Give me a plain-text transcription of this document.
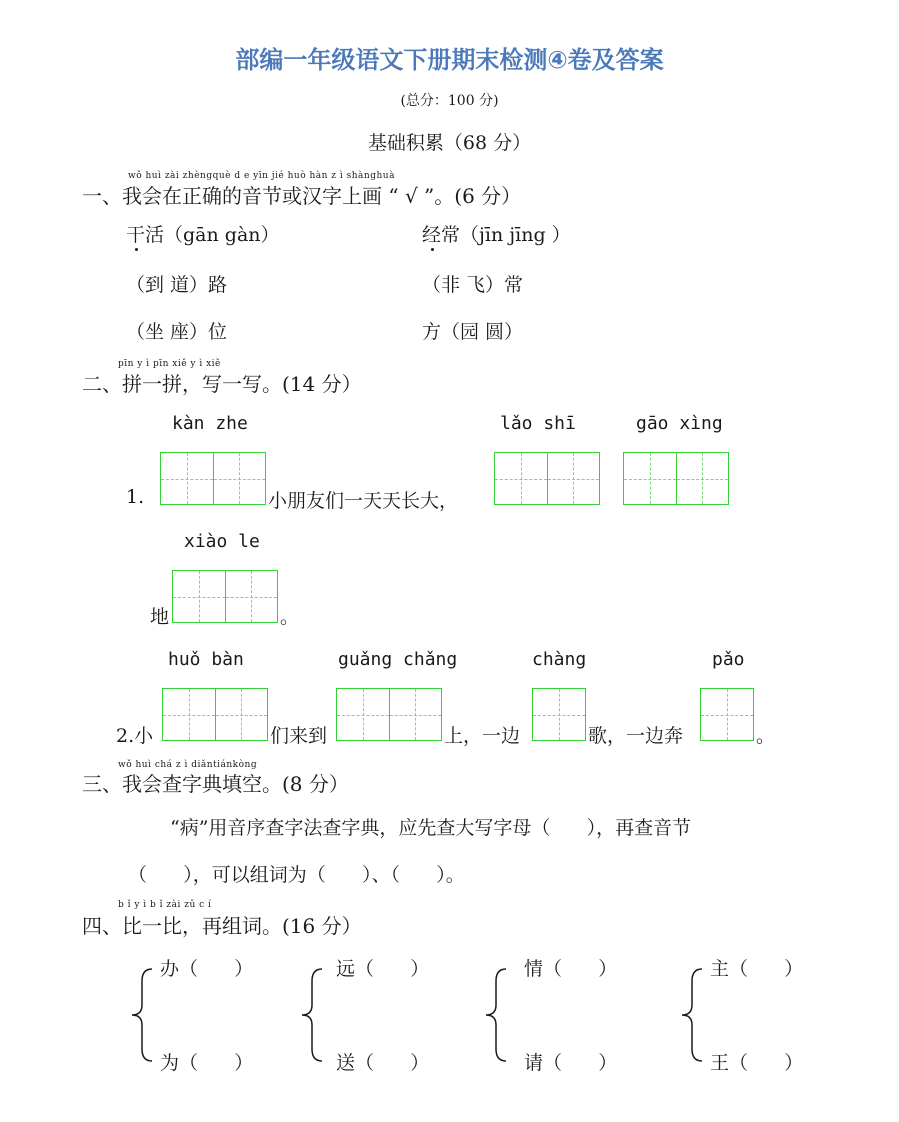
部编一年级语文下册期末检测④卷及答案
(总分：100 分)
基础积累（68 分）
wǒ huì zài zhèngquè d e yīn jié huò hàn z ì shànghuà
一、我会在正确的音节或汉字上画 “ √ ”。(6 分）
干活（gān gàn）	经常（jīn jīng ）
（到 道）路	（非 飞）常
（坐 座）位	方（园 圆）
pīn y ì pīn xiě y ì xiě
二、拼一拼，写一写。(14 分）
kàn zhe	lǎo shī	gāo xìng
1.	小朋友们一天天长大，
xiào le
地	。
huǒ bàn	guǎng chǎng	chàng	pǎo
2.小	们来到	上，一边	歌，一边奔	。
wǒ huì chá z ì diǎntiánkòng
三、我会查字典填空。(8 分）
“病”用音序查字法查字典，应先查大写字母（      ），再查音节
（      ），可以组词为（      ）、（      ）。
b ǐ y ì b ǐ zài zǔ c í
四、比一比，再组词。(16 分）
办（      ）
为（      ）
远（      ）
送（      ）
情（      ）
请（      ）
主（      ）
王（      ）
